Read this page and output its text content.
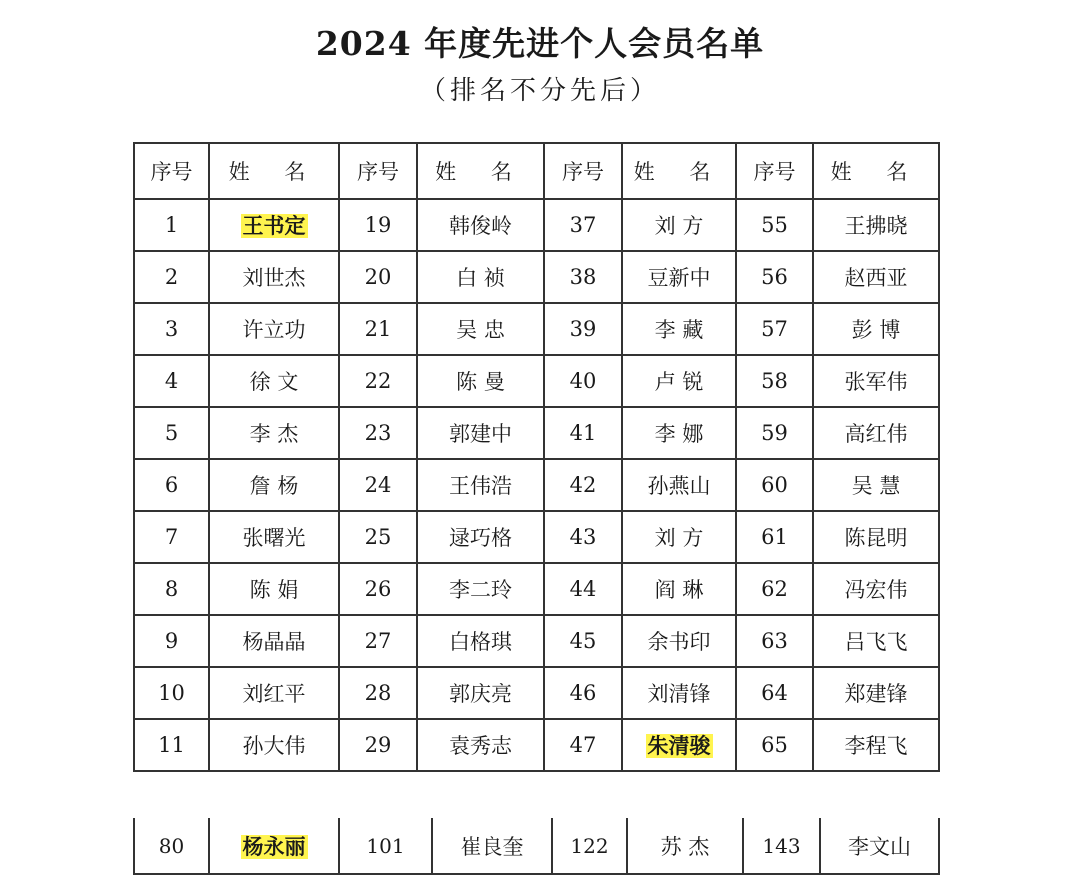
2024 年度先进个人会员名单
（排名不分先后）
序号	姓 名	序号	姓 名	序号	姓 名	序号	姓 名
1	王书定	19	韩俊岭	37	刘 方	55	王拂晓
2	刘世杰	20	白 祯	38	豆新中	56	赵西亚
3	许立功	21	吴 忠	39	李 藏	57	彭 博
4	徐 文	22	陈 曼	40	卢 锐	58	张军伟
5	李 杰	23	郭建中	41	李 娜	59	高红伟
6	詹 杨	24	王伟浩	42	孙燕山	60	吴 慧
7	张曙光	25	逯巧格	43	刘 方	61	陈昆明
8	陈 娟	26	李二玲	44	阎 琳	62	冯宏伟
9	杨晶晶	27	白格琪	45	余书印	63	吕飞飞
10	刘红平	28	郭庆亮	46	刘清锋	64	郑建锋
11	孙大伟	29	袁秀志	47	朱清骏	65	李程飞
80	杨永丽	101	崔良奎	122	苏 杰	143	李文山
